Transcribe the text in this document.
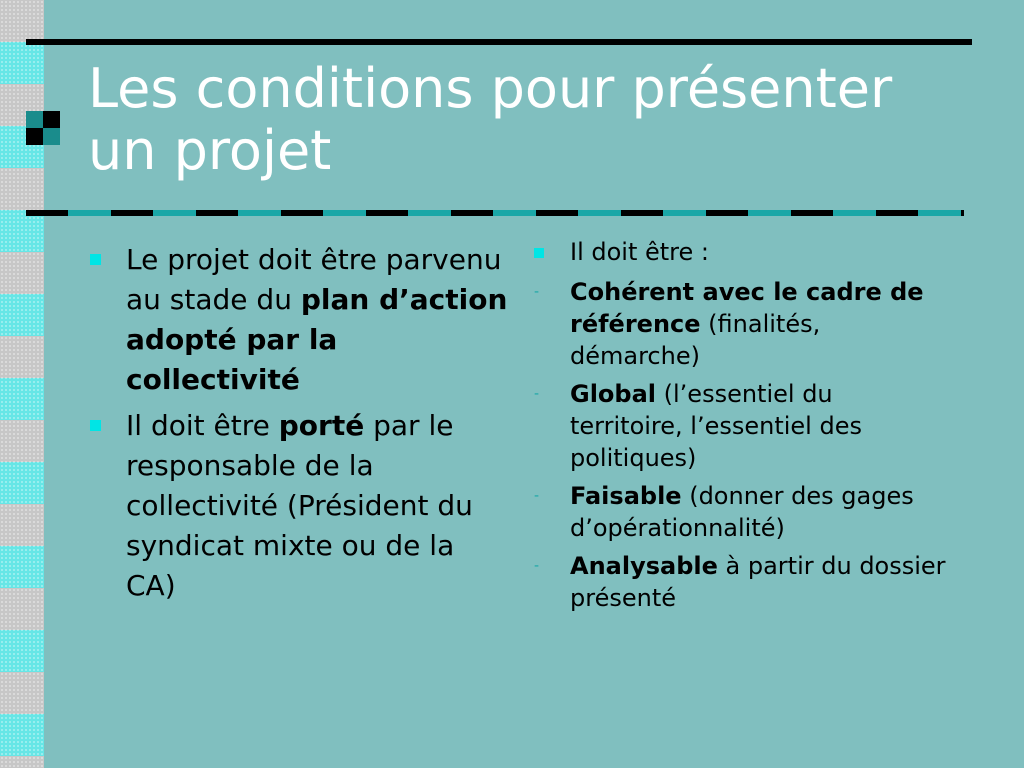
Les conditions pour présenter un projet
Le projet doit être parvenu au stade du plan d’action adopté par la collectivité
Il doit être porté par le responsable de la collectivité (Président du syndicat mixte ou de la CA)
Il doit être :
- Cohérent avec le cadre de référence (finalités, démarche)
- Global (l’essentiel du territoire, l’essentiel des politiques)
- Faisable (donner des gages d’opérationnalité)
- Analysable à partir du dossier présenté
